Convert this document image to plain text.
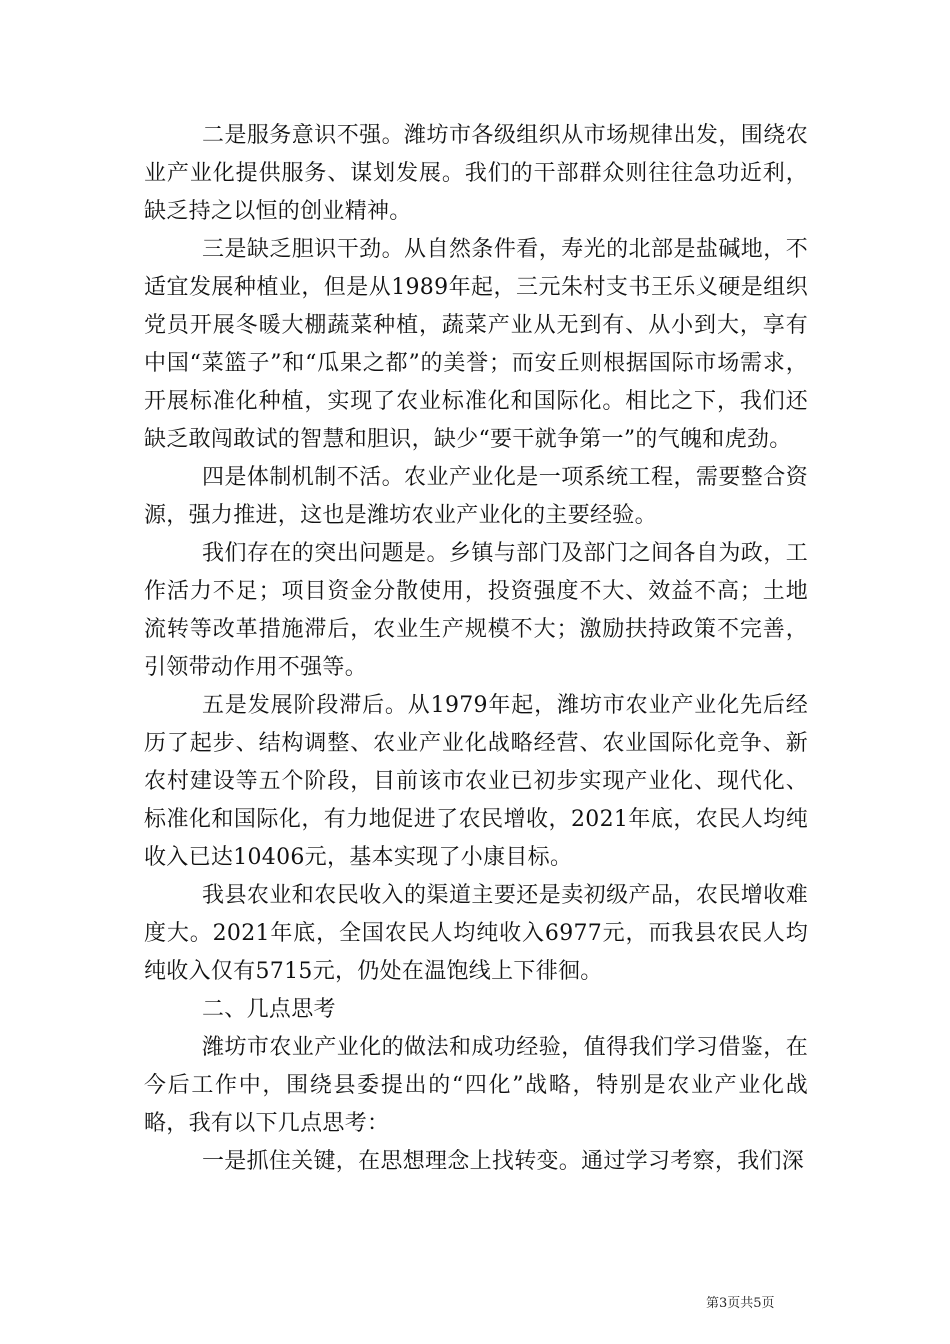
二是服务意识不强。潍坊市各级组织从市场规律出发，围绕农业产业化提供服务、谋划发展。我们的干部群众则往往急功近利，缺乏持之以恒的创业精神。

三是缺乏胆识干劲。从自然条件看，寿光的北部是盐碱地，不适宜发展种植业，但是从1989年起，三元朱村支书王乐义硬是组织党员开展冬暖大棚蔬菜种植，蔬菜产业从无到有、从小到大，享有中国“菜篮子”和“瓜果之都”的美誉；而安丘则根据国际市场需求，开展标准化种植，实现了农业标准化和国际化。相比之下，我们还缺乏敢闯敢试的智慧和胆识，缺少“要干就争第一”的气魄和虎劲。

四是体制机制不活。农业产业化是一项系统工程，需要整合资源，强力推进，这也是潍坊农业产业化的主要经验。

我们存在的突出问题是。乡镇与部门及部门之间各自为政，工作活力不足；项目资金分散使用，投资强度不大、效益不高；土地流转等改革措施滞后，农业生产规模不大；激励扶持政策不完善，引领带动作用不强等。

五是发展阶段滞后。从1979年起，潍坊市农业产业化先后经历了起步、结构调整、农业产业化战略经营、农业国际化竞争、新农村建设等五个阶段，目前该市农业已初步实现产业化、现代化、标准化和国际化，有力地促进了农民增收，2021年底，农民人均纯收入已达10406元，基本实现了小康目标。

我县农业和农民收入的渠道主要还是卖初级产品，农民增收难度大。2021年底，全国农民人均纯收入6977元，而我县农民人均纯收入仅有5715元，仍处在温饱线上下徘徊。

二、几点思考

潍坊市农业产业化的做法和成功经验，值得我们学习借鉴，在今后工作中，围绕县委提出的“四化”战略，特别是农业产业化战略，我有以下几点思考：

一是抓住关键，在思想理念上找转变。通过学习考察，我们深

第3页共5页
